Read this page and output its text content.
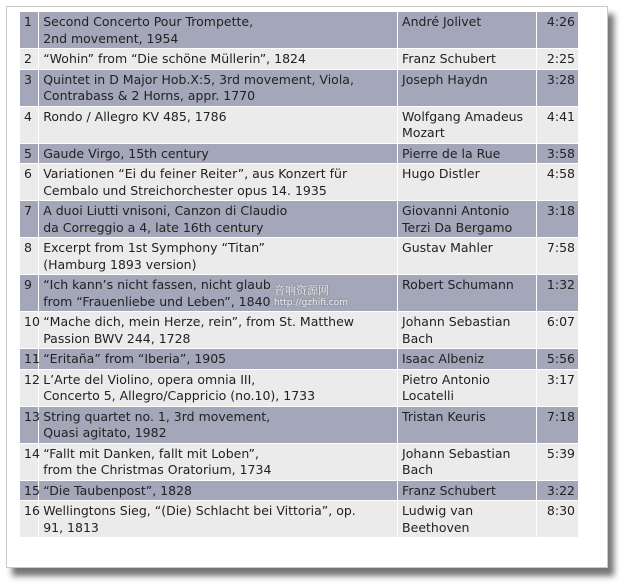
1	Second Concerto Pour Trompette,
2nd movement, 1954	André Jolivet	4:26
2	“Wohin” from “Die schöne Müllerin”, 1824	Franz Schubert	2:25
3	Quintet in D Major Hob.X:5, 3rd movement, Viola,
Contrabass & 2 Horns, appr. 1770	Joseph Haydn	3:28
4	Rondo / Allegro KV 485, 1786	Wolfgang Amadeus
Mozart	4:41
5	Gaude Virgo, 15th century	Pierre de la Rue	3:58
6	Variationen “Ei du feiner Reiter”, aus Konzert für
Cembalo und Streichorchester opus 14. 1935	Hugo Distler	4:58
7	A duoi Liutti vnisoni, Canzon di Claudio
da Correggio a 4, late 16th century	Giovanni Antonio
Terzi Da Bergamo	3:18
8	Excerpt from 1st Symphony “Titan”
(Hamburg 1893 version)	Gustav Mahler	7:58
9	“Ich kann’s nicht fassen, nicht glaub
from “Frauenliebe und Leben”, 1840	Robert Schumann	1:32
10	“Mache dich, mein Herze, rein”, from St. Matthew
Passion BWV 244, 1728	Johann Sebastian
Bach	6:07
11	“Eritaña” from “Iberia”, 1905	Isaac Albeniz	5:56
12	L’Arte del Violino, opera omnia III,
Concerto 5, Allegro/Cappricio (no.10), 1733	Pietro Antonio
Locatelli	3:17
13	String quartet no. 1, 3rd movement,
Quasi agitato, 1982	Tristan Keuris	7:18
14	“Fallt mit Danken, fallt mit Loben”,
from the Christmas Oratorium, 1734	Johann Sebastian
Bach	5:39
15	“Die Taubenpost”, 1828	Franz Schubert	3:22
16	Wellingtons Sieg, “(Die) Schlacht bei Vittoria”, op.
91, 1813	Ludwig van
Beethoven	8:30
音响资源网
http://gzhifi.com
